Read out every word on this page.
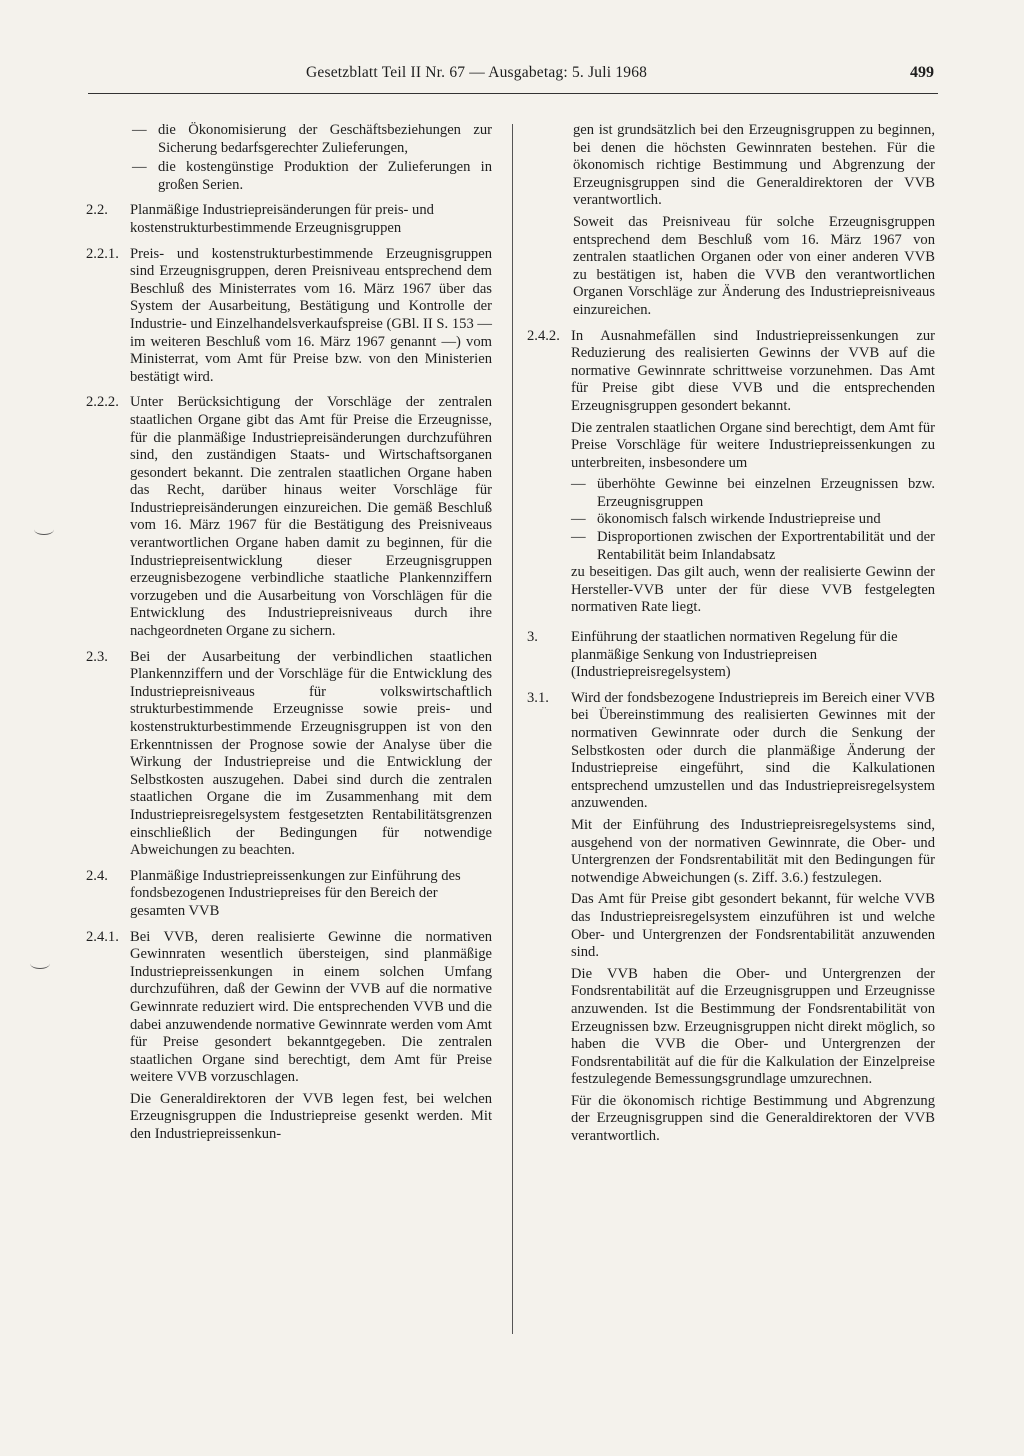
Gesetzblatt Teil II Nr. 67 — Ausgabetag: 5. Juli 1968	499
— die Ökonomisierung der Geschäftsbeziehungen zur Sicherung bedarfsgerechter Zulieferungen,
— die kostengünstige Produktion der Zulieferungen in großen Serien.
2.2.	Planmäßige Industriepreisänderungen für preis- und kostenstrukturbestimmende Erzeugnisgruppen
2.2.1. Preis- und kostenstrukturbestimmende Erzeugnisgruppen sind Erzeugnisgruppen, deren Preisniveau entsprechend dem Beschluß des Ministerrates vom 16. März 1967 über das System der Ausarbeitung, Bestätigung und Kontrolle der Industrie- und Einzelhandelsverkaufspreise (GBl. II S. 153 — im weiteren Beschluß vom 16. März 1967 genannt —) vom Ministerrat, vom Amt für Preise bzw. von den Ministerien bestätigt wird.
2.2.2. Unter Berücksichtigung der Vorschläge der zentralen staatlichen Organe gibt das Amt für Preise die Erzeugnisse, für die planmäßige Industriepreisänderungen durchzuführen sind, den zuständigen Staats- und Wirtschaftsorganen gesondert bekannt. Die zentralen staatlichen Organe haben das Recht, darüber hinaus weiter Vorschläge für Industriepreisänderungen einzureichen. Die gemäß Beschluß vom 16. März 1967 für die Bestätigung des Preisniveaus verantwortlichen Organe haben damit zu beginnen, für die Industriepreisentwicklung dieser Erzeugnisgruppen erzeugnisbezogene verbindliche staatliche Plankennziffern vorzugeben und die Ausarbeitung von Vorschlägen für die Entwicklung des Industriepreisniveaus durch ihre nachgeordneten Organe zu sichern.
2.3.	Bei der Ausarbeitung der verbindlichen staatlichen Plankennziffern und der Vorschläge für die Entwicklung des Industriepreisniveaus für volkswirtschaftlich strukturbestimmende Erzeugnisse sowie preis- und kostenstrukturbestimmende Erzeugnisgruppen ist von den Erkenntnissen der Prognose sowie der Analyse über die Wirkung der Industriepreise und die Entwicklung der Selbstkosten auszugehen. Dabei sind durch die zentralen staatlichen Organe die im Zusammenhang mit dem Industriepreisregelsystem festgesetzten Rentabilitätsgrenzen einschließlich der Bedingungen für notwendige Abweichungen zu beachten.
2.4.	Planmäßige Industriepreissenkungen zur Einführung des fondsbezogenen Industriepreises für den Bereich der gesamten VVB
2.4.1. Bei VVB, deren realisierte Gewinne die normativen Gewinnraten wesentlich übersteigen, sind planmäßige Industriepreissenkungen in einem solchen Umfang durchzuführen, daß der Gewinn der VVB auf die normative Gewinnrate reduziert wird. Die entsprechenden VVB und die dabei anzuwendende normative Gewinnrate werden vom Amt für Preise gesondert bekanntgegeben. Die zentralen staatlichen Organe sind berechtigt, dem Amt für Preise weitere VVB vorzuschlagen.

Die Generaldirektoren der VVB legen fest, bei welchen Erzeugnisgruppen die Industriepreise gesenkt werden. Mit den Industriepreissenkun-

gen ist grundsätzlich bei den Erzeugnisgruppen zu beginnen, bei denen die höchsten Gewinnraten bestehen. Für die ökonomisch richtige Bestimmung und Abgrenzung der Erzeugnisgruppen sind die Generaldirektoren der VVB verantwortlich.

Soweit das Preisniveau für solche Erzeugnisgruppen entsprechend dem Beschluß vom 16. März 1967 von zentralen staatlichen Organen oder von einer anderen VVB zu bestätigen ist, haben die VVB den verantwortlichen Organen Vorschläge zur Änderung des Industriepreisniveaus einzureichen.

2.4.2. In Ausnahmefällen sind Industriepreissenkungen zur Reduzierung des realisierten Gewinns der VVB auf die normative Gewinnrate schrittweise vorzunehmen. Das Amt für Preise gibt diese VVB und die entsprechenden Erzeugnisgruppen gesondert bekannt.

Die zentralen staatlichen Organe sind berechtigt, dem Amt für Preise Vorschläge für weitere Industriepreissenkungen zu unterbreiten, insbesondere um

— überhöhte Gewinne bei einzelnen Erzeugnissen bzw. Erzeugnisgruppen
— ökonomisch falsch wirkende Industriepreise und
— Disproportionen zwischen der Exportrentabilität und der Rentabilität beim Inlandabsatz

zu beseitigen. Das gilt auch, wenn der realisierte Gewinn der Hersteller-VVB unter der für diese VVB festgelegten normativen Rate liegt.

3.	Einführung der staatlichen normativen Regelung für die planmäßige Senkung von Industriepreisen (Industriepreisregelsystem)
3.1.	Wird der fondsbezogene Industriepreis im Bereich einer VVB bei Übereinstimmung des realisierten Gewinnes mit der normativen Gewinnrate oder durch die Senkung der Selbstkosten oder durch die planmäßige Änderung der Industriepreise eingeführt, sind die Kalkulationen entsprechend umzustellen und das Industriepreisregelsystem anzuwenden.

Mit der Einführung des Industriepreisregelsystems sind, ausgehend von der normativen Gewinnrate, die Ober- und Untergrenzen der Fondsrentabilität mit den Bedingungen für notwendige Abweichungen (s. Ziff. 3.6.) festzulegen.

Das Amt für Preise gibt gesondert bekannt, für welche VVB das Industriepreisregelsystem einzuführen ist und welche Ober- und Untergrenzen der Fondsrentabilität anzuwenden sind.

Die VVB haben die Ober- und Untergrenzen der Fondsrentabilität auf die Erzeugnisgruppen und Erzeugnisse anzuwenden. Ist die Bestimmung der Fondsrentabilität von Erzeugnissen bzw. Erzeugnisgruppen nicht direkt möglich, so haben die VVB die Ober- und Untergrenzen der Fondsrentabilität auf die für die Kalkulation der Einzelpreise festzulegende Bemessungsgrundlage umzurechnen.

Für die ökonomisch richtige Bestimmung und Abgrenzung der Erzeugnisgruppen sind die Generaldirektoren der VVB verantwortlich.
